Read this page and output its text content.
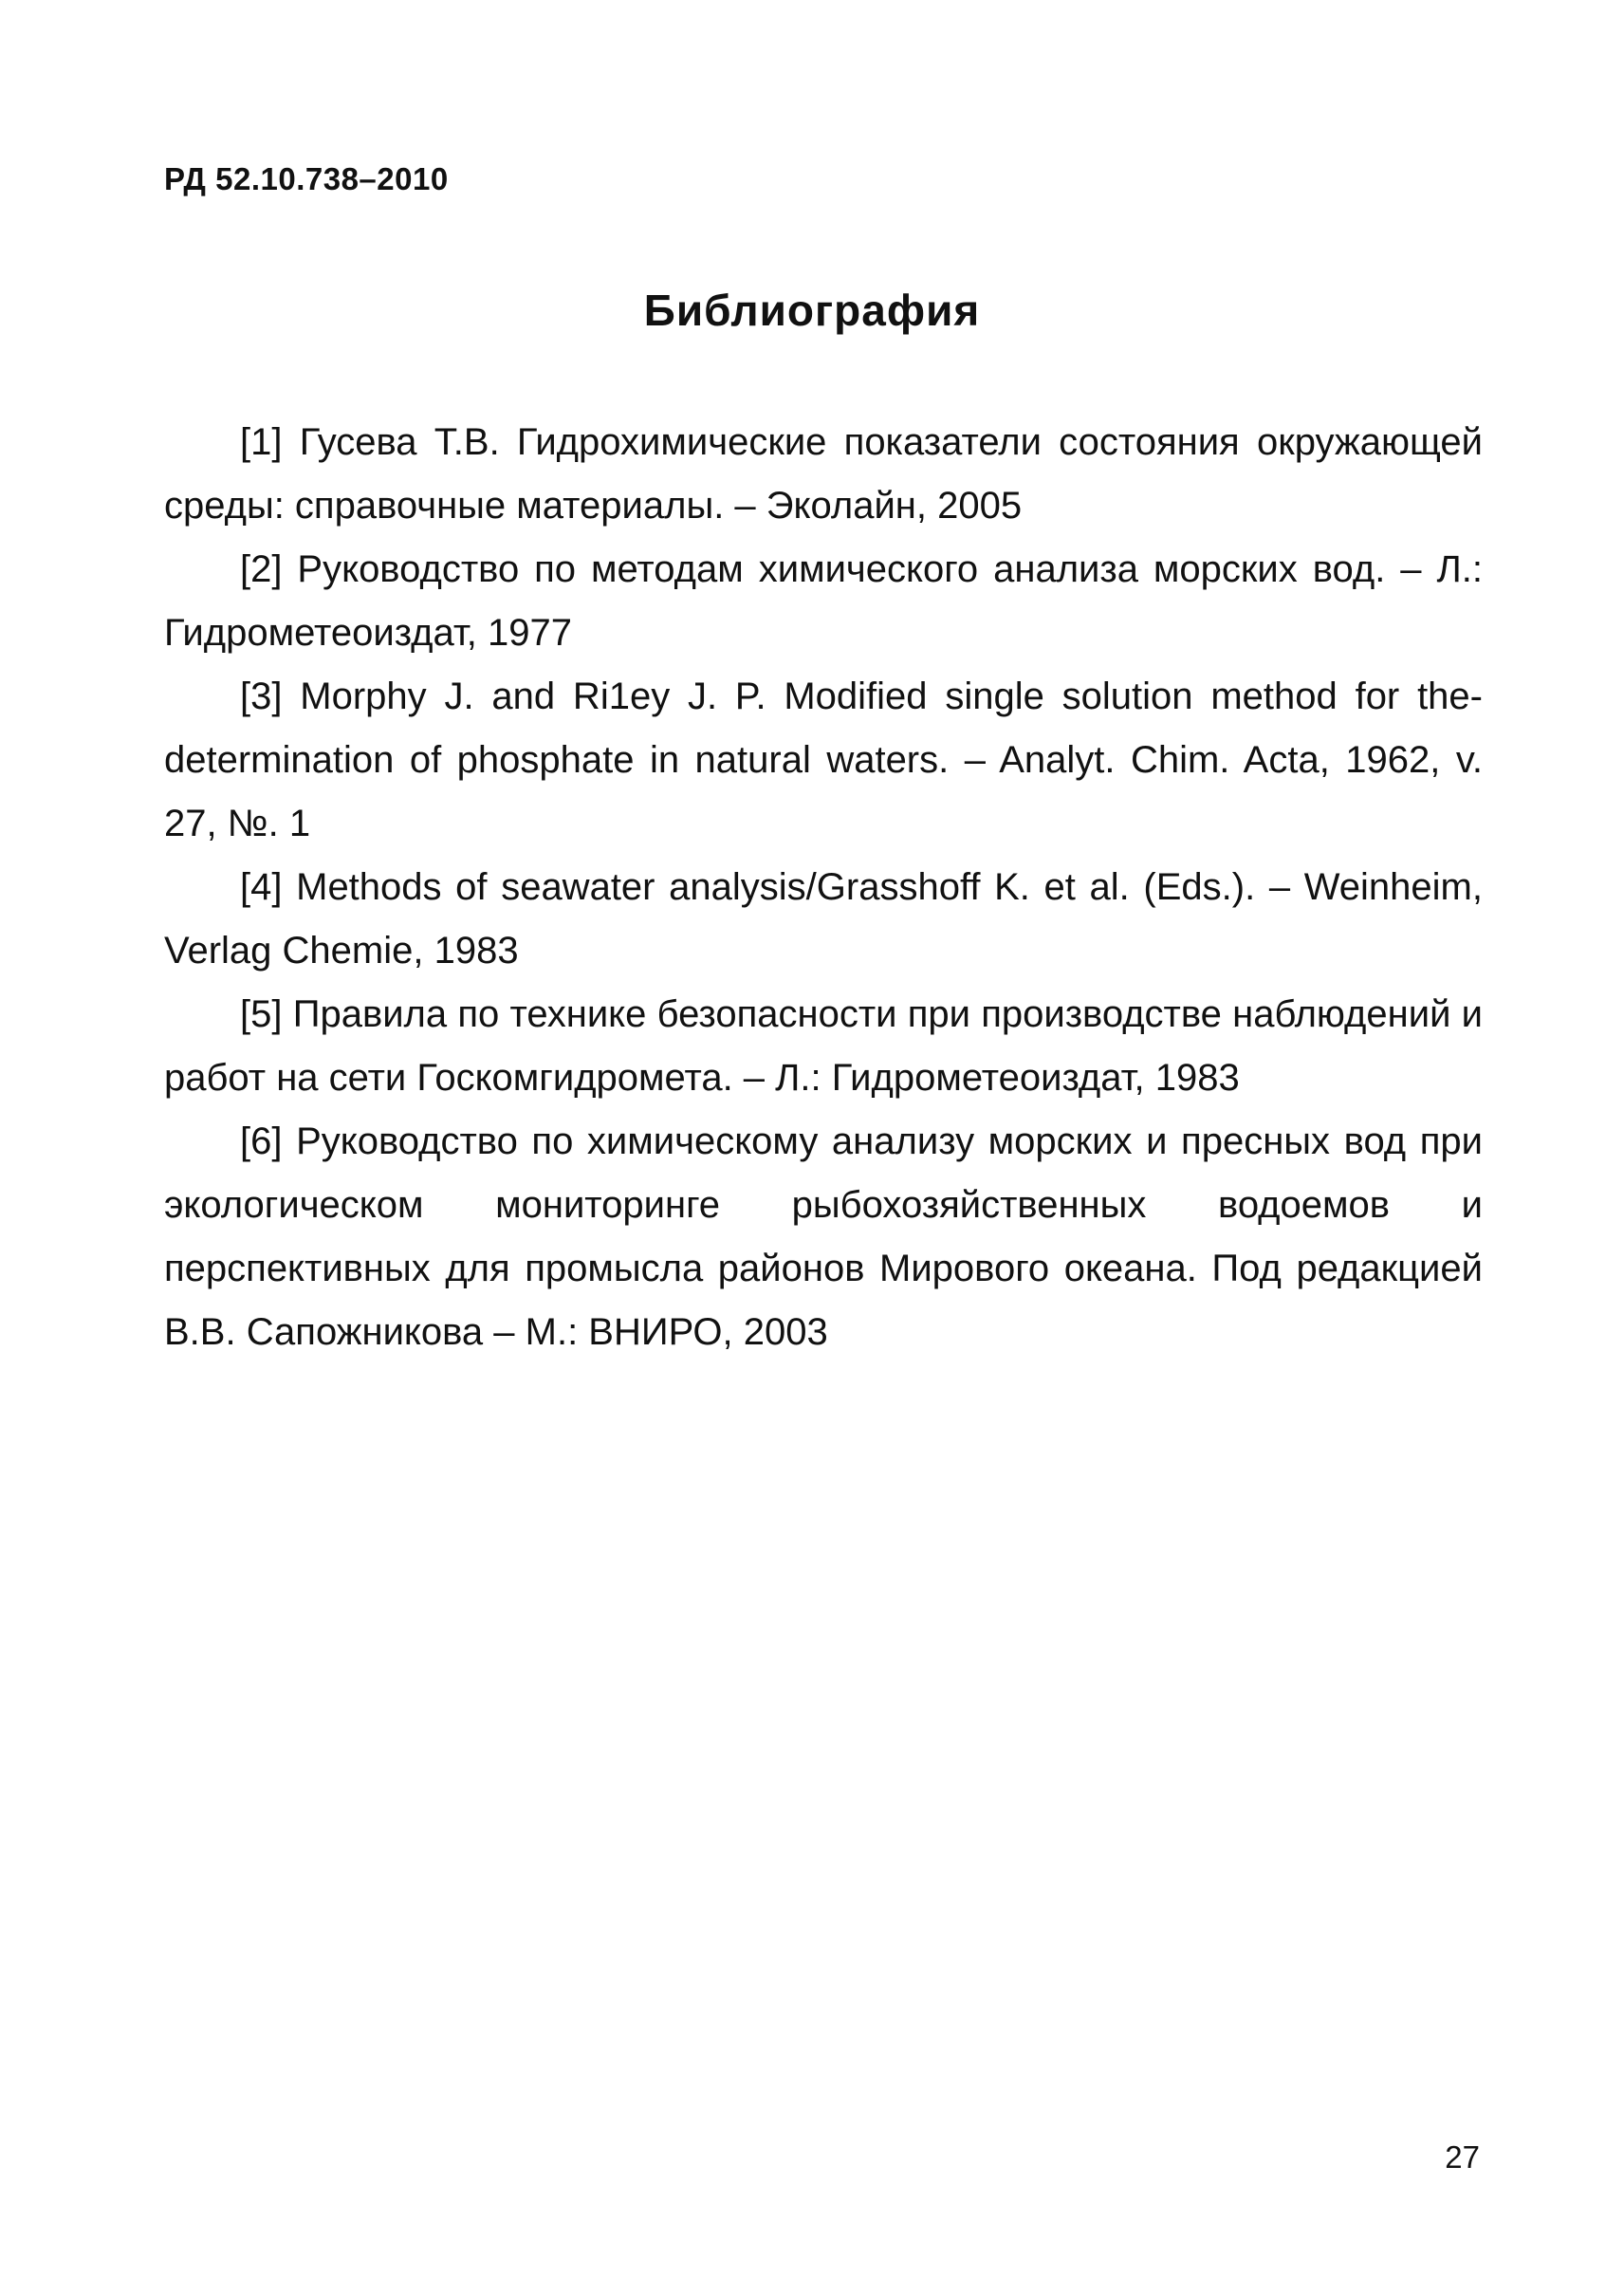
РД 52.10.738–2010

Библиография

[1] Гусева Т.В. Гидрохимические показатели состояния окружающей среды: справочные материалы. – Эколайн, 2005

[2] Руководство по методам химического анализа морских вод. – Л.: Гидрометеоиздат, 1977

[3] Morphy J. and Ri1ey J. P. Modified single solution method for the-determination of phosphate in natural waters. – Analyt. Chim. Acta, 1962, v. 27, №. 1

[4] Methods of seawater analysis/Grasshoff K. et al. (Eds.). – Weinheim, Verlag Chemie, 1983

[5] Правила по технике безопасности при производстве наблюдений и работ на сети Госкомгидромета. – Л.: Гидрометеоиздат, 1983

[6] Руководство по химическому анализу морских и пресных вод при экологическом мониторинге рыбохозяйственных водоемов и перспективных для промысла районов Мирового океана. Под редакцией В.В. Сапожникова – М.: ВНИРО, 2003

27
